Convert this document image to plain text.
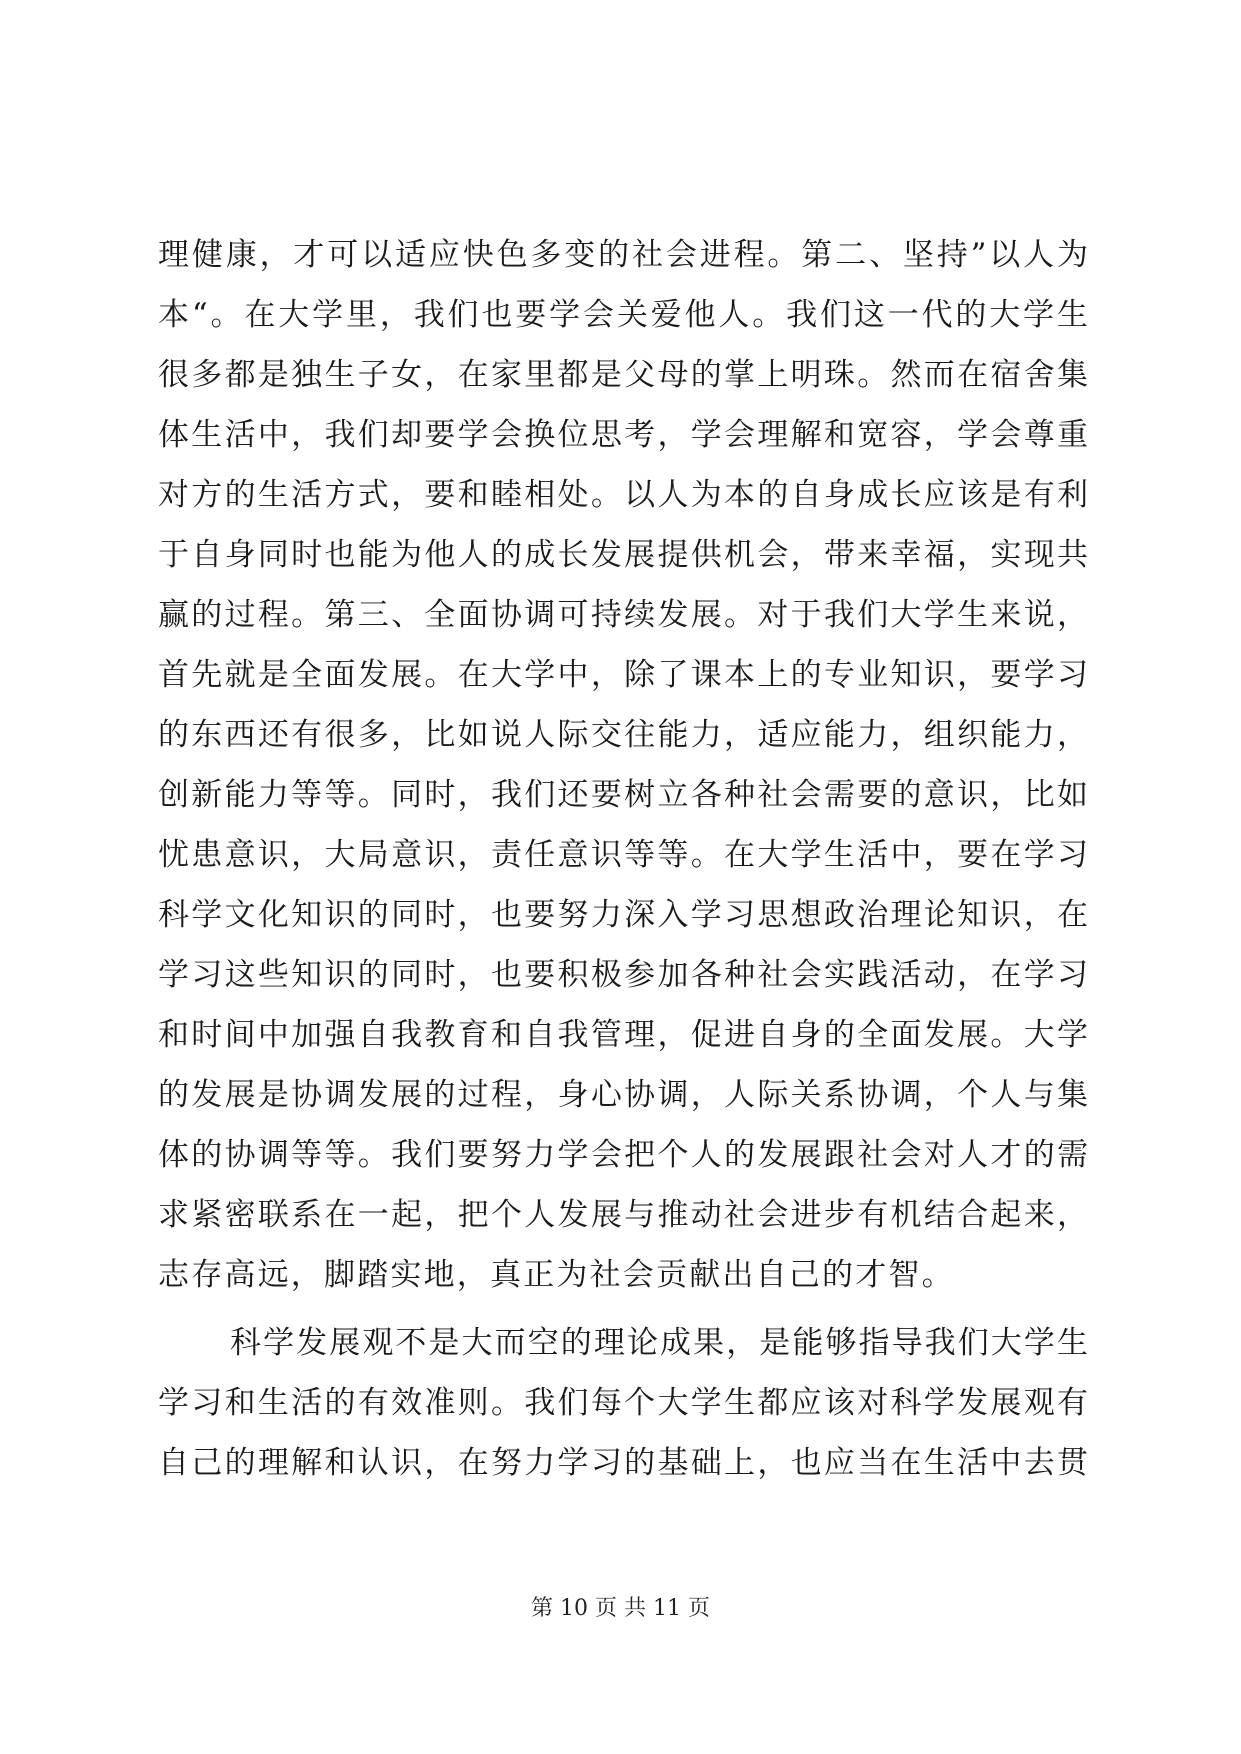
理健康，才可以适应快色多变的社会进程。第二、坚持”以人为
本“。在大学里，我们也要学会关爱他人。我们这一代的大学生
很多都是独生子女，在家里都是父母的掌上明珠。然而在宿舍集
体生活中，我们却要学会换位思考，学会理解和宽容，学会尊重
对方的生活方式，要和睦相处。以人为本的自身成长应该是有利
于自身同时也能为他人的成长发展提供机会，带来幸福，实现共
赢的过程。第三、全面协调可持续发展。对于我们大学生来说，
首先就是全面发展。在大学中，除了课本上的专业知识，要学习
的东西还有很多，比如说人际交往能力，适应能力，组织能力，
创新能力等等。同时，我们还要树立各种社会需要的意识，比如
忧患意识，大局意识，责任意识等等。在大学生活中，要在学习
科学文化知识的同时，也要努力深入学习思想政治理论知识，在
学习这些知识的同时，也要积极参加各种社会实践活动，在学习
和时间中加强自我教育和自我管理，促进自身的全面发展。大学
的发展是协调发展的过程，身心协调，人际关系协调，个人与集
体的协调等等。我们要努力学会把个人的发展跟社会对人才的需
求紧密联系在一起，把个人发展与推动社会进步有机结合起来，
志存高远，脚踏实地，真正为社会贡献出自己的才智。
科学发展观不是大而空的理论成果，是能够指导我们大学生
学习和生活的有效准则。我们每个大学生都应该对科学发展观有
自己的理解和认识，在努力学习的基础上，也应当在生活中去贯
第 10 页 共 11 页
